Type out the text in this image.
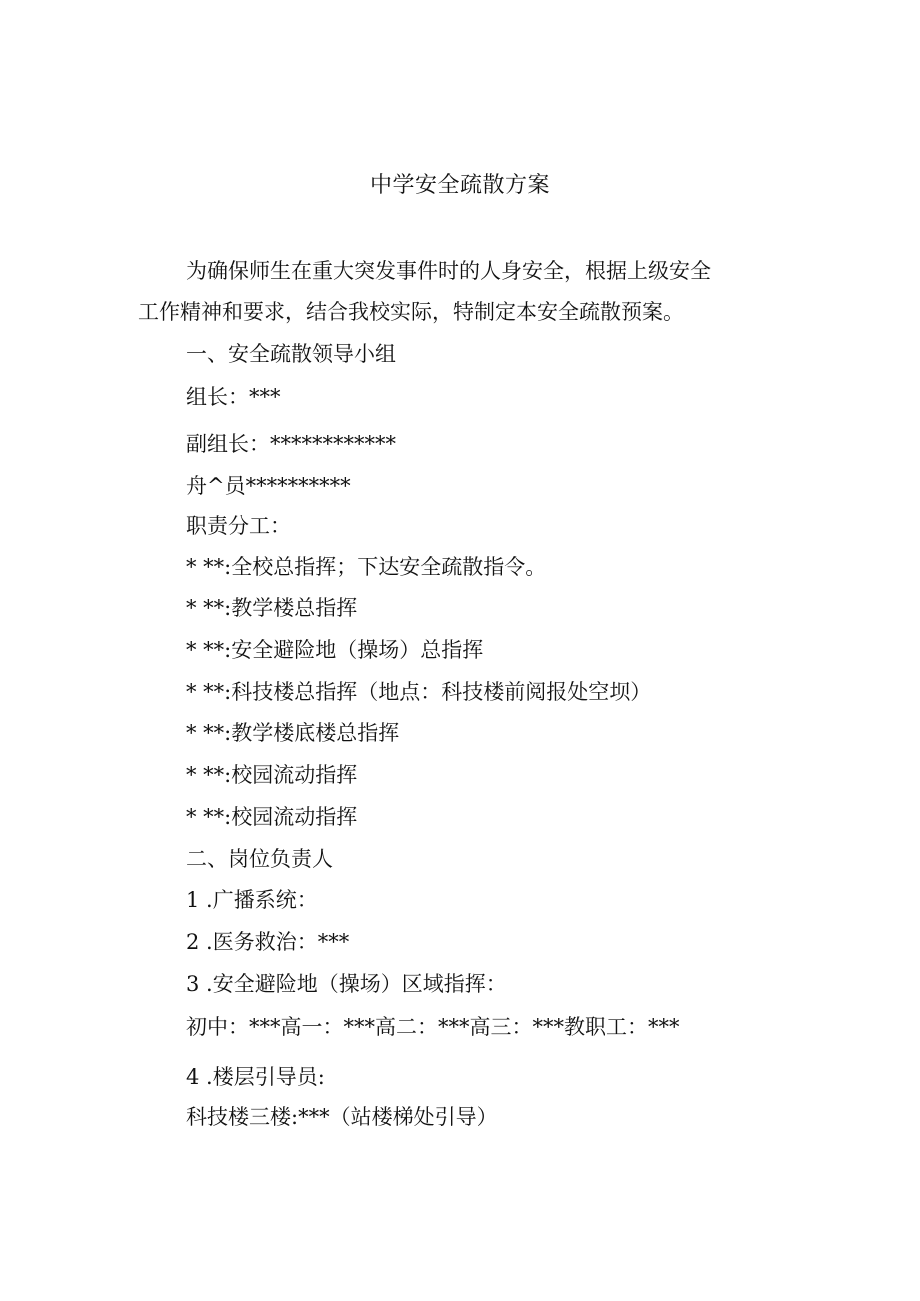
中学安全疏散方案
为确保师生在重大突发事件时的人身安全，根据上级安全
工作精神和要求，结合我校实际，特制定本安全疏散预案。
一、安全疏散领导小组
组长：***
副组长：************
舟^员**********
职责分工：
* **:全校总指挥；下达安全疏散指令。
* **:教学楼总指挥
* **:安全避险地（操场）总指挥
* **:科技楼总指挥（地点：科技楼前阅报处空坝）
* **:教学楼底楼总指挥
* **:校园流动指挥
* **:校园流动指挥
二、岗位负责人
1 .广播系统：
2 .医务救治：***
3 .安全避险地（操场）区域指挥：
初中：***高一：***高二：***高三：***教职工：***
4 .楼层引导员:
科技楼三楼:***（站楼梯处引导）
